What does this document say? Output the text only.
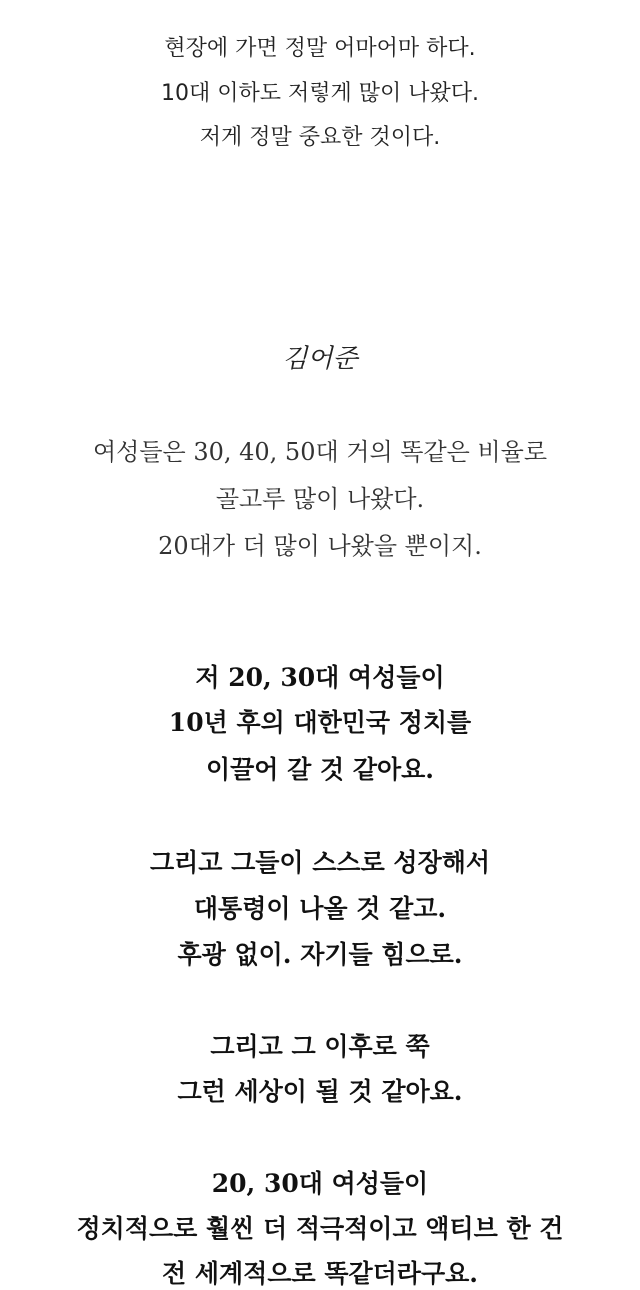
현장에 가면 정말 어마어마 하다.
10대 이하도 저렇게 많이 나왔다.
저게 정말 중요한 것이다.
김어준
여성들은 30, 40, 50대 거의 똑같은 비율로
골고루 많이 나왔다.
20대가 더 많이 나왔을 뿐이지.
저 20, 30대 여성들이
10년 후의 대한민국 정치를
이끌어 갈 것 같아요.
그리고 그들이 스스로 성장해서
대통령이 나올 것 같고.
후광 없이. 자기들 힘으로.
그리고 그 이후로 쭉
그런 세상이 될 것 같아요.
20, 30대 여성들이
정치적으로 훨씬 더 적극적이고 액티브 한 건
전 세계적으로 똑같더라구요.
